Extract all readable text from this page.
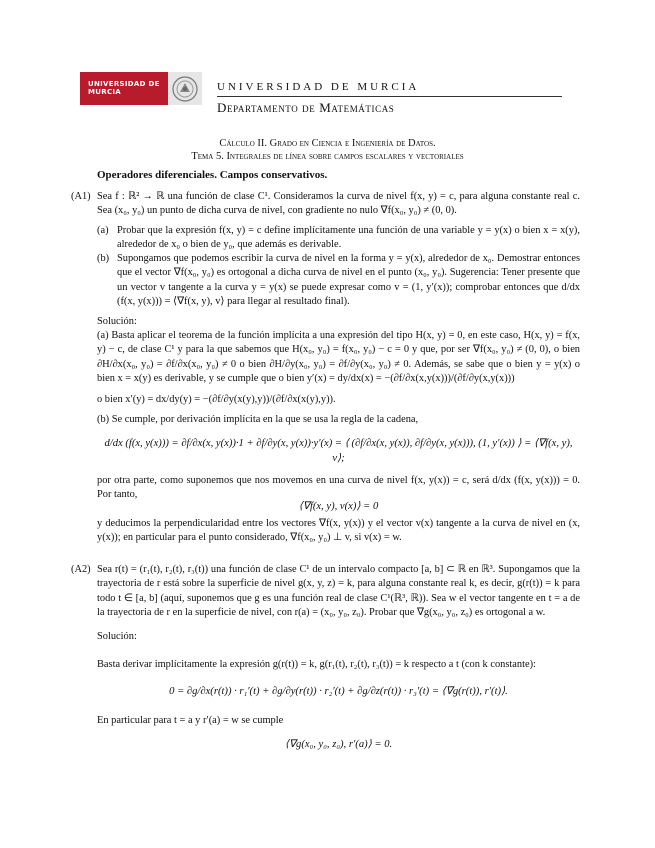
UNIVERSIDAD DE
MURCIA	UNIVERSIDAD DE MURCIA
Departamento de Matemáticas
Cálculo II. Grado en Ciencia e Ingeniería de Datos.
Tema 5. Integrales de línea sobre campos escalares y vectoriales
Operadores diferenciales. Campos conservativos.
(A1) Sea f : ℝ² → ℝ una función de clase C¹. Consideramos la curva de nivel f(x, y) = c, para alguna constante real c. Sea (x₀, y₀) un punto de dicha curva de nivel, con gradiente no nulo ∇f(x₀, y₀) ≠ (0, 0).
(a) Probar que la expresión f(x, y) = c define implícitamente una función de una variable y = y(x) o bien x = x(y), alrededor de x₀ o bien de y₀, que además es derivable.
(b) Supongamos que podemos escribir la curva de nivel en la forma y = y(x), alrededor de x₀. Demostrar entonces que el vector ∇f(x₀, y₀) es ortogonal a dicha curva de nivel en el punto (x₀, y₀). Sugerencia: Tener presente que un vector v tangente a la curva y = y(x) se puede expresar como v = (1, y′(x)); comprobar entonces que d/dx (f(x, y(x))) = ⟨∇f(x, y), v⟩ para llegar al resultado final).
Solución:
(a) Basta aplicar el teorema de la función implícita a una expresión del tipo H(x, y) = 0, en este caso, H(x, y) = f(x, y) − c, de clase C¹ y para la que sabemos que H(x₀, y₀) = f(x₀, y₀) − c = 0 y que, por ser ∇f(x₀, y₀) ≠ (0, 0), o bien ∂H/∂x(x₀, y₀) = ∂f/∂x(x₀, y₀) ≠ 0 o bien ∂H/∂y(x₀, y₀) = ∂f/∂y(x₀, y₀) ≠ 0. Además, se sabe que o bien y = y(x) o bien x = x(y) es derivable, y se cumple que o bien y′(x) = dy/dx(x) = −(∂f/∂x(x,y(x)))/(∂f/∂y(x,y(x)))
o bien x′(y) = dx/dy(y) = −(∂f/∂y(x(y),y))/(∂f/∂x(x(y),y)).
(b) Se cumple, por derivación implícita en la que se usa la regla de la cadena,
d/dx (f(x, y(x))) = ∂f/∂x(x, y(x))·1 + ∂f/∂y(x, y(x))·y′(x) = ⟨ (∂f/∂x(x, y(x)), ∂f/∂y(x, y(x))), (1, y′(x)) ⟩ = ⟨∇f(x, y), v⟩;
por otra parte, como suponemos que nos movemos en una curva de nivel f(x, y(x)) = c, será d/dx (f(x, y(x))) = 0. Por tanto,
⟨∇f(x, y), v(x)⟩ = 0
y deducimos la perpendicularidad entre los vectores ∇f(x, y(x)) y el vector v(x) tangente a la curva de nivel en (x, y(x)); en particular para el punto considerado, ∇f(x₀, y₀) ⊥ v, si v(x) = w.
(A2) Sea r(t) = (r₁(t), r₂(t), r₃(t)) una función de clase C¹ de un intervalo compacto [a, b] ⊂ ℝ en ℝ³. Supongamos que la trayectoria de r está sobre la superficie de nivel g(x, y, z) = k, para alguna constante real k, es decir, g(r(t)) = k para todo t ∈ [a, b] (aquí, suponemos que g es una función real de clase C¹(ℝ³, ℝ)). Sea w el vector tangente en t = a de la trayectoria de r en la superficie de nivel, con r(a) = (x₀, y₀, z₀). Probar que ∇g(x₀, y₀, z₀) es ortogonal a w.
Solución:
Basta derivar implícitamente la expresión g(r(t)) = k, g(r₁(t), r₂(t), r₃(t)) = k respecto a t (con k constante):
0 = ∂g/∂x(r(t)) · r₁′(t) + ∂g/∂y(r(t)) · r₂′(t) + ∂g/∂z(r(t)) · r₃′(t) = ⟨∇g(r(t)), r′(t)⟩.
En particular para t = a y r′(a) = w se cumple
⟨∇g(x₀, y₀, z₀), r′(a)⟩ = 0.
